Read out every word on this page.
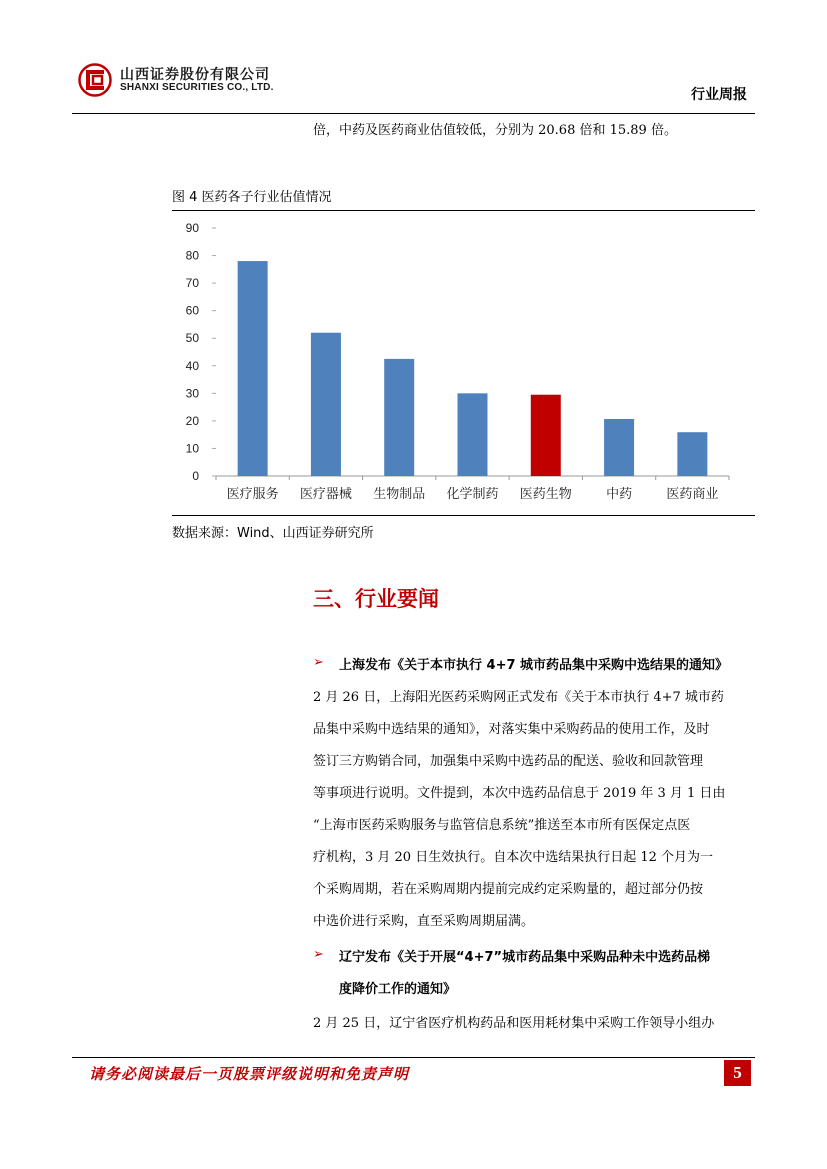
山西证券股份有限公司
SHANXI SECURITIES CO., LTD.	行业周报
倍，中药及医药商业估值较低，分别为 20.68 倍和 15.89 倍。
图 4 医药各子行业估值情况
90
80
70
60
50
40
30
20
10
0
医疗服务 医疗器械 生物制品 化学制药 医药生物	中药	医药商业
数据来源：Wind、山西证券研究所
三、行业要闻
➢ 上海发布《关于本市执行 4+7 城市药品集中采购中选结果的通知》
2 月 26 日，上海阳光医药采购网正式发布《关于本市执行 4+7 城市药
品集中采购中选结果的通知》，对落实集中采购药品的使用工作，及时
签订三方购销合同，加强集中采购中选药品的配送、验收和回款管理
等事项进行说明。文件提到，本次中选药品信息于 2019 年 3 月 1 日由
“上海市医药采购服务与监管信息系统”推送至本市所有医保定点医
疗机构，3 月 20 日生效执行。自本次中选结果执行日起 12 个月为一
个采购周期，若在采购周期内提前完成约定采购量的，超过部分仍按
中选价进行采购，直至采购周期届满。
➢ 辽宁发布《关于开展“4+7”城市药品集中采购品种未中选药品梯
度降价工作的通知》
2 月 25 日，辽宁省医疗机构药品和医用耗材集中采购工作领导小组办
请务必阅读最后一页股票评级说明和免责声明	5
